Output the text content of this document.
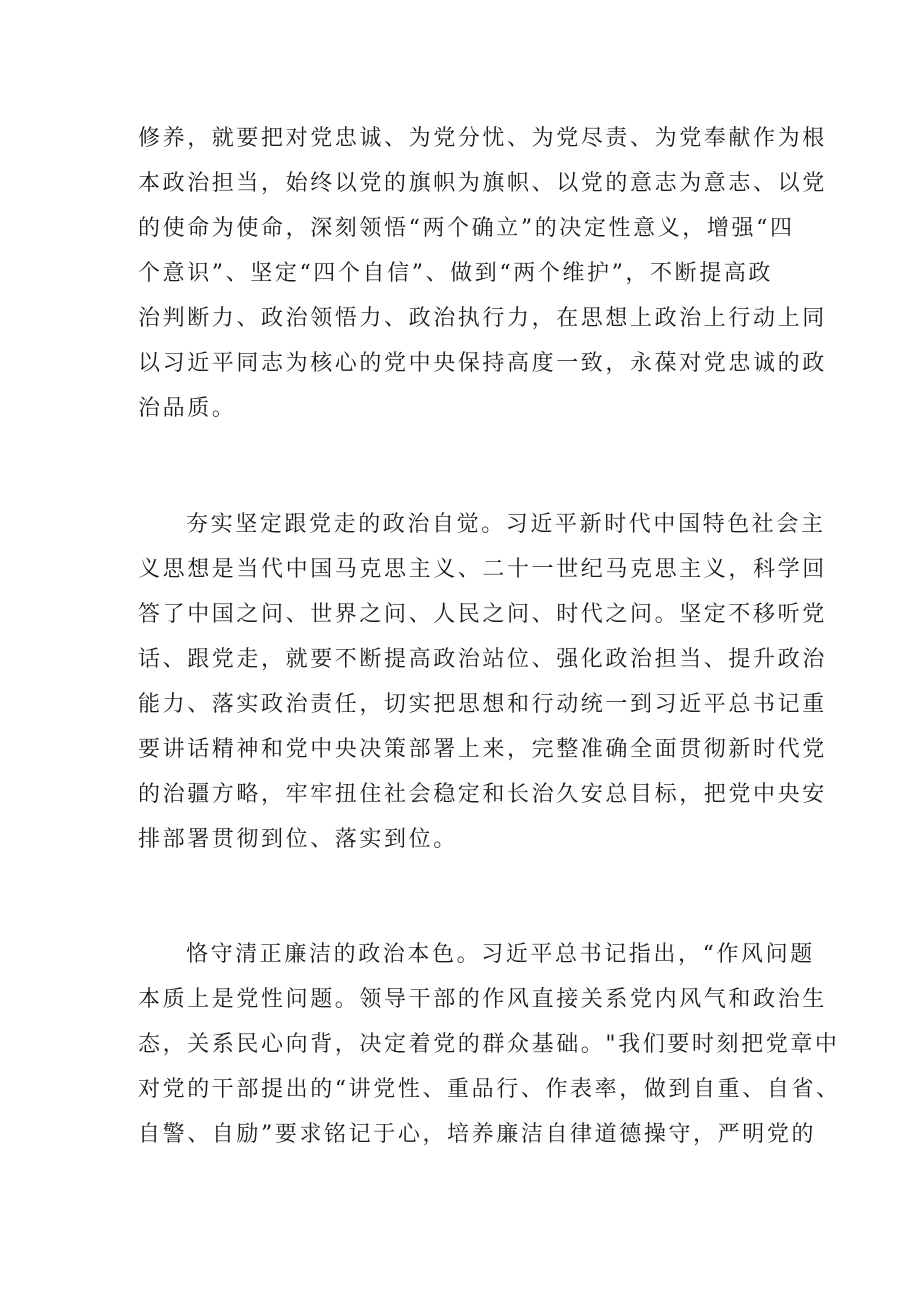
修养，就要把对党忠诚、为党分忧、为党尽责、为党奉献作为根
本政治担当，始终以党的旗帜为旗帜、以党的意志为意志、以党
的使命为使命，深刻领悟“两个确立”的决定性意义，增强“四
个意识”、坚定“四个自信”、做到“两个维护”，不断提高政
治判断力、政治领悟力、政治执行力，在思想上政治上行动上同
以习近平同志为核心的党中央保持高度一致，永葆对党忠诚的政
治品质。
夯实坚定跟党走的政治自觉。习近平新时代中国特色社会主
义思想是当代中国马克思主义、二十一世纪马克思主义，科学回
答了中国之问、世界之问、人民之问、时代之问。坚定不移听党
话、跟党走，就要不断提高政治站位、强化政治担当、提升政治
能力、落实政治责任，切实把思想和行动统一到习近平总书记重
要讲话精神和党中央决策部署上来，完整准确全面贯彻新时代党
的治疆方略，牢牢扭住社会稳定和长治久安总目标，把党中央安
排部署贯彻到位、落实到位。
恪守清正廉洁的政治本色。习近平总书记指出，“作风问题
本质上是党性问题。领导干部的作风直接关系党内风气和政治生
态，关系民心向背，决定着党的群众基础。"我们要时刻把党章中
对党的干部提出的“讲党性、重品行、作表率，做到自重、自省、
自警、自励”要求铭记于心，培养廉洁自律道德操守，严明党的
